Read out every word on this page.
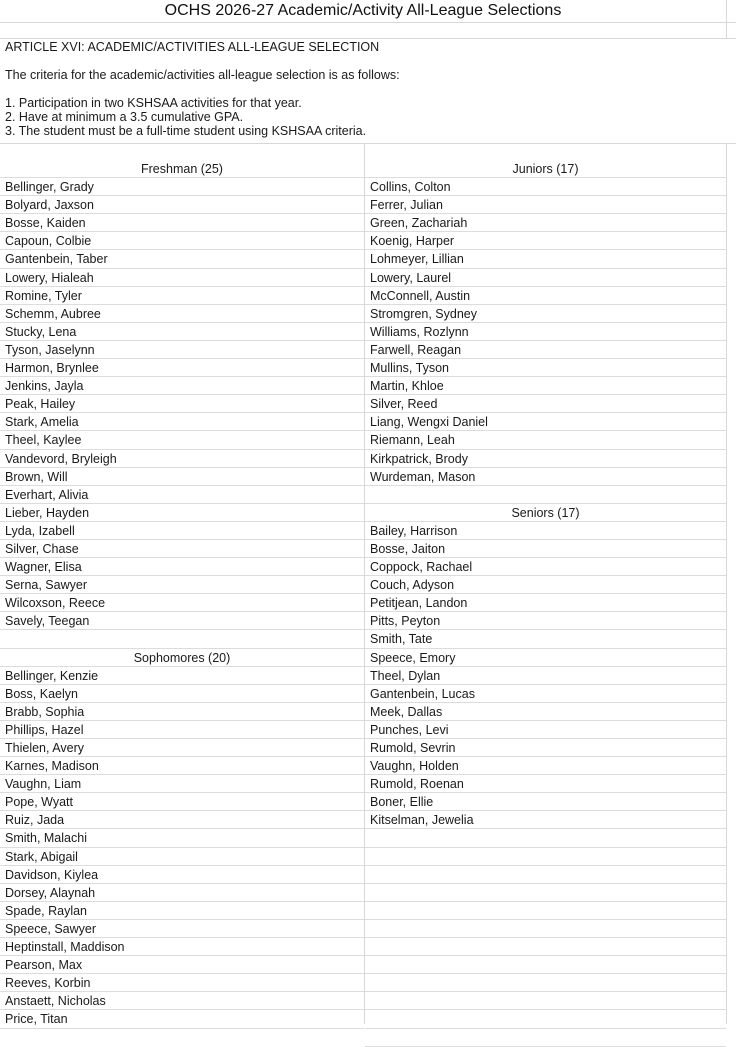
OCHS 2026-27 Academic/Activity All-League Selections
ARTICLE XVI: ACADEMIC/ACTIVITIES ALL-LEAGUE SELECTION
The criteria for the academic/activities all-league selection is as follows:
1. Participation in two KSHSAA activities for that year.
2. Have at minimum a 3.5 cumulative GPA.
3. The student must be a full-time student using KSHSAA criteria.
Freshman (25)
Bellinger, Grady
Bolyard, Jaxson
Bosse, Kaiden
Capoun, Colbie
Gantenbein, Taber
Lowery, Hialeah
Romine, Tyler
Schemm, Aubree
Stucky, Lena
Tyson, Jaselynn
Harmon, Brynlee
Jenkins, Jayla
Peak, Hailey
Stark, Amelia
Theel, Kaylee
Vandevord, Bryleigh
Brown, Will
Everhart, Alivia
Lieber, Hayden
Lyda, Izabell
Silver, Chase
Wagner, Elisa
Serna, Sawyer
Wilcoxson, Reece
Savely, Teegan
Sophomores (20)
Bellinger, Kenzie
Boss, Kaelyn
Brabb, Sophia
Phillips, Hazel
Thielen, Avery
Karnes, Madison
Vaughn, Liam
Pope, Wyatt
Ruiz, Jada
Smith, Malachi
Stark, Abigail
Davidson, Kiylea
Dorsey, Alaynah
Spade, Raylan
Speece, Sawyer
Heptinstall, Maddison
Pearson, Max
Reeves, Korbin
Anstaett, Nicholas
Price, Titan
Juniors (17)
Collins, Colton
Ferrer, Julian
Green, Zachariah
Koenig, Harper
Lohmeyer, Lillian
Lowery, Laurel
McConnell, Austin
Stromgren, Sydney
Williams, Rozlynn
Farwell, Reagan
Mullins, Tyson
Martin, Khloe
Silver, Reed
Liang, Wengxi Daniel
Riemann, Leah
Kirkpatrick, Brody
Wurdeman, Mason
Seniors (17)
Bailey, Harrison
Bosse, Jaiton
Coppock, Rachael
Couch, Adyson
Petitjean, Landon
Pitts, Peyton
Smith, Tate
Speece, Emory
Theel, Dylan
Gantenbein, Lucas
Meek, Dallas
Punches, Levi
Rumold, Sevrin
Vaughn, Holden
Rumold, Roenan
Boner, Ellie
Kitselman, Jewelia
